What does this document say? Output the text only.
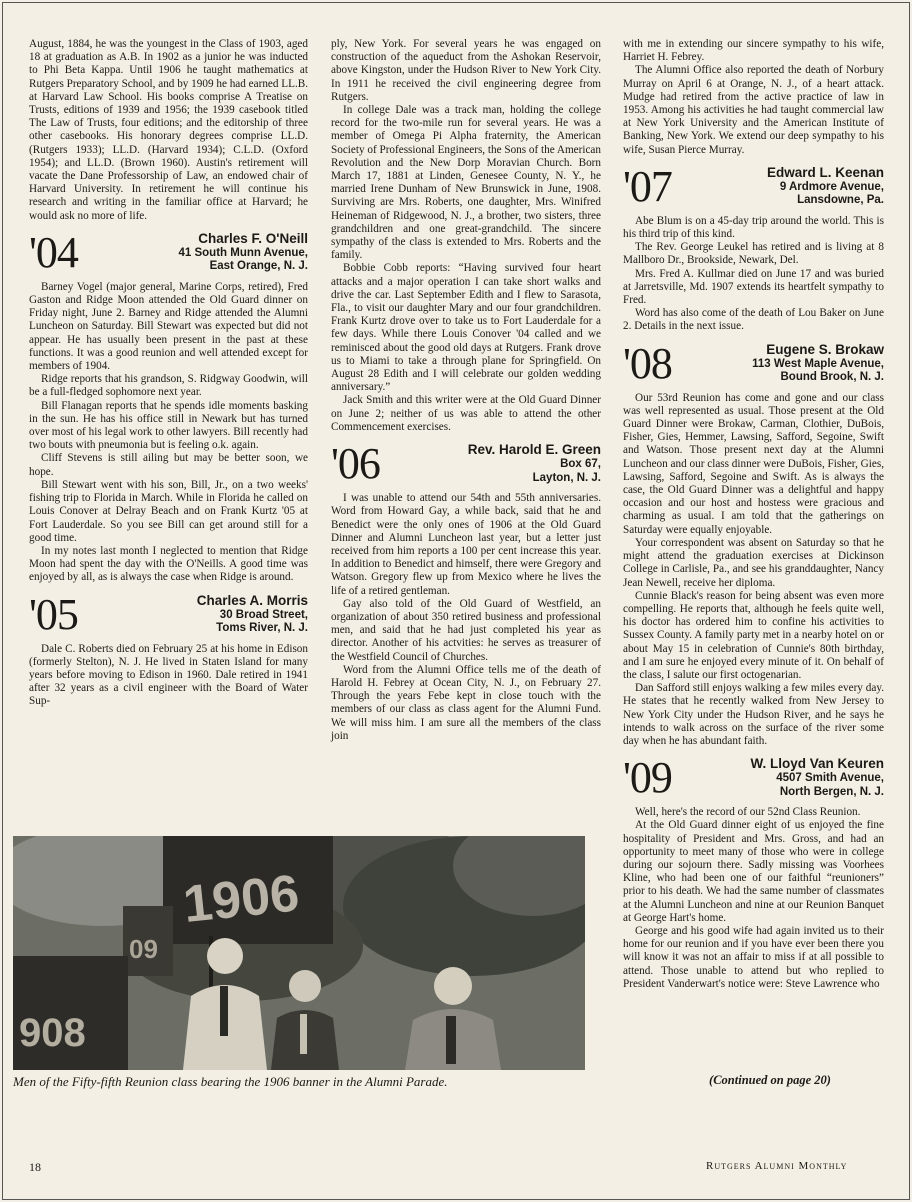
August, 1884, he was the youngest in the Class of 1903, aged 18 at graduation as A.B. In 1902 as a junior he was inducted to Phi Beta Kappa. Until 1906 he taught mathematics at Rutgers Preparatory School, and by 1909 he had earned LL.B. at Harvard Law School. His books comprise A Treatise on Trusts, editions of 1939 and 1956; the 1939 casebook titled The Law of Trusts, four editions; and the editorship of three other casebooks. His honorary degrees comprise LL.D. (Rutgers 1933); LL.D. (Harvard 1934); C.L.D. (Oxford 1954); and LL.D. (Brown 1960). Austin's retirement will vacate the Dane Professorship of Law, an endowed chair of Harvard University. In retirement he will continue his research and writing in the familiar office at Harvard; he would ask no more of life.

'04	Charles F. O'Neill
41 South Munn Avenue,
East Orange, N. J.

Barney Vogel (major general, Marine Corps, retired), Fred Gaston and Ridge Moon attended the Old Guard dinner on Friday night, June 2. Barney and Ridge attended the Alumni Luncheon on Saturday. Bill Stewart was expected but did not appear. He has usually been present in the past at these functions. It was a good reunion and well attended except for members of 1904.

Ridge reports that his grandson, S. Ridgway Goodwin, will be a full-fledged sophomore next year.

Bill Flanagan reports that he spends idle moments basking in the sun. He has his office still in Newark but has turned over most of his legal work to other lawyers. Bill recently had two bouts with pneumonia but is feeling o.k. again.

Cliff Stevens is still ailing but may be better soon, we hope.

Bill Stewart went with his son, Bill, Jr., on a two weeks' fishing trip to Florida in March. While in Florida he called on Louis Conover at Delray Beach and on Frank Kurtz '05 at Fort Lauderdale. So you see Bill can get around still for a good time.

In my notes last month I neglected to mention that Ridge Moon had spent the day with the O'Neills. A good time was enjoyed by all, as is always the case when Ridge is around.

'05	Charles A. Morris
30 Broad Street,
Toms River, N. J.

Dale C. Roberts died on February 25 at his home in Edison (formerly Stelton), N. J. He lived in Staten Island for many years before moving to Edison in 1960. Dale retired in 1941 after 32 years as a civil engineer with the Board of Water Sup-

ply, New York. For several years he was engaged on construction of the aqueduct from the Ashokan Reservoir, above Kingston, under the Hudson River to New York City. In 1911 he received the civil engineering degree from Rutgers.

In college Dale was a track man, holding the college record for the two-mile run for several years. He was a member of Omega Pi Alpha fraternity, the American Society of Professional Engineers, the Sons of the American Revolution and the New Dorp Moravian Church. Born March 17, 1881 at Linden, Genesee County, N. Y., he married Irene Dunham of New Brunswick in June, 1908. Surviving are Mrs. Roberts, one daughter, Mrs. Winifred Heineman of Ridgewood, N. J., a brother, two sisters, three grandchildren and one great-grandchild. The sincere sympathy of the class is extended to Mrs. Roberts and the family.

Bobbie Cobb reports: “Having survived four heart attacks and a major operation I can take short walks and drive the car. Last September Edith and I flew to Sarasota, Fla., to visit our daughter Mary and our four grandchildren. Frank Kurtz drove over to take us to Fort Lauderdale for a few days. While there Louis Conover '04 called and we reminisced about the good old days at Rutgers. Frank drove us to Miami to take a through plane for Springfield. On August 28 Edith and I will celebrate our golden wedding anniversary.”

Jack Smith and this writer were at the Old Guard Dinner on June 2; neither of us was able to attend the other Commencement exercises.

'06	Rev. Harold E. Green
Box 67,
Layton, N. J.

I was unable to attend our 54th and 55th anniversaries. Word from Howard Gay, a while back, said that he and Benedict were the only ones of 1906 at the Old Guard Dinner and Alumni Luncheon last year, but a letter just received from him reports a 100 per cent increase this year. In addition to Benedict and himself, there were Gregory and Watson. Gregory flew up from Mexico where he lives the life of a retired gentleman.

Gay also told of the Old Guard of Westfield, an organization of about 350 retired business and professional men, and said that he had just completed his year as director. Another of his actvities: he serves as treasurer of the Westfield Council of Churches.

Word from the Alumni Office tells me of the death of Harold H. Febrey at Ocean City, N. J., on February 27. Through the years Febe kept in close touch with the members of our class as class agent for the Alumni Fund. We will miss him. I am sure all the members of the class join

with me in extending our sincere sympathy to his wife, Harriet H. Febrey.

The Alumni Office also reported the death of Norbury Murray on April 6 at Orange, N. J., of a heart attack. Mudge had retired from the active practice of law in 1953. Among his activities he had taught commercial law at New York University and the American Institute of Banking, New York. We extend our deep sympathy to his wife, Susan Pierce Murray.

'07	Edward L. Keenan
9 Ardmore Avenue,
Lansdowne, Pa.

Abe Blum is on a 45-day trip around the world. This is his third trip of this kind.

The Rev. George Leukel has retired and is living at 8 Mallboro Dr., Brookside, Newark, Del.

Mrs. Fred A. Kullmar died on June 17 and was buried at Jarretsville, Md. 1907 extends its heartfelt sympathy to Fred.

Word has also come of the death of Lou Baker on June 2. Details in the next issue.

'08	Eugene S. Brokaw
113 West Maple Avenue,
Bound Brook, N. J.

Our 53rd Reunion has come and gone and our class was well represented as usual. Those present at the Old Guard Dinner were Brokaw, Carman, Clothier, DuBois, Fisher, Gies, Hemmer, Lawsing, Safford, Segoine, Swift and Watson. Those present next day at the Alumni Luncheon and our class dinner were DuBois, Fisher, Gies, Lawsing, Safford, Segoine and Swift. As is always the case, the Old Guard Dinner was a delightful and happy occasion and our host and hostess were gracious and charming as usual. I am told that the gatherings on Saturday were equally enjoyable.

Your correspondent was absent on Saturday so that he might attend the graduation exercises at Dickinson College in Carlisle, Pa., and see his granddaughter, Nancy Jean Newell, receive her diploma.

Cunnie Black's reason for being absent was even more compelling. He reports that, although he feels quite well, his doctor has ordered him to confine his activities to Sussex County. A family party met in a nearby hotel on or about May 15 in celebration of Cunnie's 80th birthday, and I am sure he enjoyed every minute of it. On behalf of the class, I salute our first octogenarian.

Dan Safford still enjoys walking a few miles every day. He states that he recently walked from New Jersey to New York City under the Hudson River, and he says he intends to walk across on the surface of the river some day when he has abundant faith.

'09	W. Lloyd Van Keuren
4507 Smith Avenue,
North Bergen, N. J.

Well, here's the record of our 52nd Class Reunion.

At the Old Guard dinner eight of us enjoyed the fine hospitality of President and Mrs. Gross, and had an opportunity to meet many of those who were in college during our sojourn there. Sadly missing was Voorhees Kline, who had been one of our faithful “reunioners” prior to his death. We had the same number of classmates at the Alumni Luncheon and nine at our Reunion Banquet at George Hart's home.

George and his good wife had again invited us to their home for our reunion and if you have ever been there you will know it was not an affair to miss if at all possible to attend. Those unable to attend but who replied to President Vanderwart's notice were: Steve Lawrence who

1906
09
908
Men of the Fifty-fifth Reunion class bearing the 1906 banner in the Alumni Parade.	(Continued on page 20)
18	Rutgers Alumni Monthly
